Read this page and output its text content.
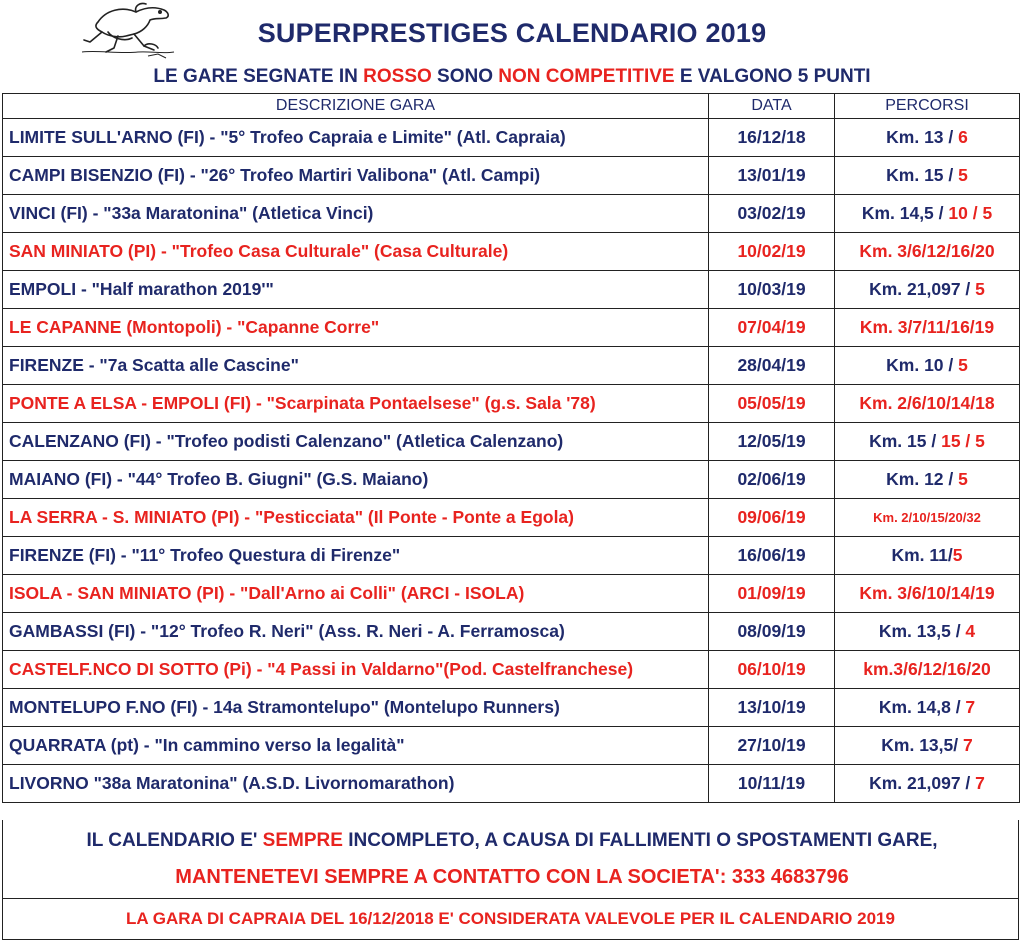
SUPERPRESTIGES CALENDARIO 2019
LE GARE SEGNATE IN ROSSO SONO NON COMPETITIVE E VALGONO 5 PUNTI
DESCRIZIONE GARA	DATA	PERCORSI
LIMITE SULL'ARNO (FI) - "5° Trofeo Capraia e Limite" (Atl. Capraia)	16/12/18	Km. 13 / 6
CAMPI BISENZIO (FI) - "26° Trofeo Martiri Valibona" (Atl. Campi)	13/01/19	Km. 15 / 5
VINCI (FI) - "33a Maratonina" (Atletica Vinci)	03/02/19	Km. 14,5 / 10 / 5
SAN MINIATO (PI) - "Trofeo Casa Culturale" (Casa Culturale)	10/02/19	Km. 3/6/12/16/20
EMPOLI - "Half marathon 2019'"	10/03/19	Km. 21,097 / 5
LE CAPANNE (Montopoli) - "Capanne Corre"	07/04/19	Km. 3/7/11/16/19
FIRENZE - "7a Scatta alle Cascine"	28/04/19	Km. 10 / 5
PONTE A ELSA - EMPOLI (FI) - "Scarpinata Pontaelsese" (g.s. Sala '78)	05/05/19	Km. 2/6/10/14/18
CALENZANO (FI) - "Trofeo podisti Calenzano" (Atletica Calenzano)	12/05/19	Km. 15 / 15 / 5
MAIANO (FI) - "44° Trofeo B. Giugni" (G.S. Maiano)	02/06/19	Km. 12 / 5
LA SERRA - S. MINIATO (PI) - "Pesticciata" (Il Ponte - Ponte a Egola)	09/06/19	Km. 2/10/15/20/32
FIRENZE (FI) - "11° Trofeo Questura di Firenze"	16/06/19	Km. 11/5
ISOLA - SAN MINIATO (PI) - "Dall'Arno ai Colli" (ARCI - ISOLA)	01/09/19	Km. 3/6/10/14/19
GAMBASSI (FI) - "12° Trofeo R. Neri" (Ass. R. Neri - A. Ferramosca)	08/09/19	Km. 13,5 / 4
CASTELF.NCO DI SOTTO (Pi) - "4 Passi in Valdarno"(Pod. Castelfranchese)	06/10/19	km.3/6/12/16/20
MONTELUPO F.NO (FI) - 14a Stramontelupo" (Montelupo Runners)	13/10/19	Km. 14,8 / 7
QUARRATA (pt) - "In cammino verso la legalità"	27/10/19	Km. 13,5/ 7
LIVORNO "38a Maratonina" (A.S.D. Livornomarathon)	10/11/19	Km. 21,097 / 7
IL CALENDARIO E' SEMPRE INCOMPLETO, A CAUSA DI FALLIMENTI O SPOSTAMENTI GARE,
MANTENETEVI SEMPRE A CONTATTO CON LA SOCIETA': 333 4683796
LA GARA DI CAPRAIA DEL 16/12/2018 E' CONSIDERATA VALEVOLE PER IL CALENDARIO 2019
